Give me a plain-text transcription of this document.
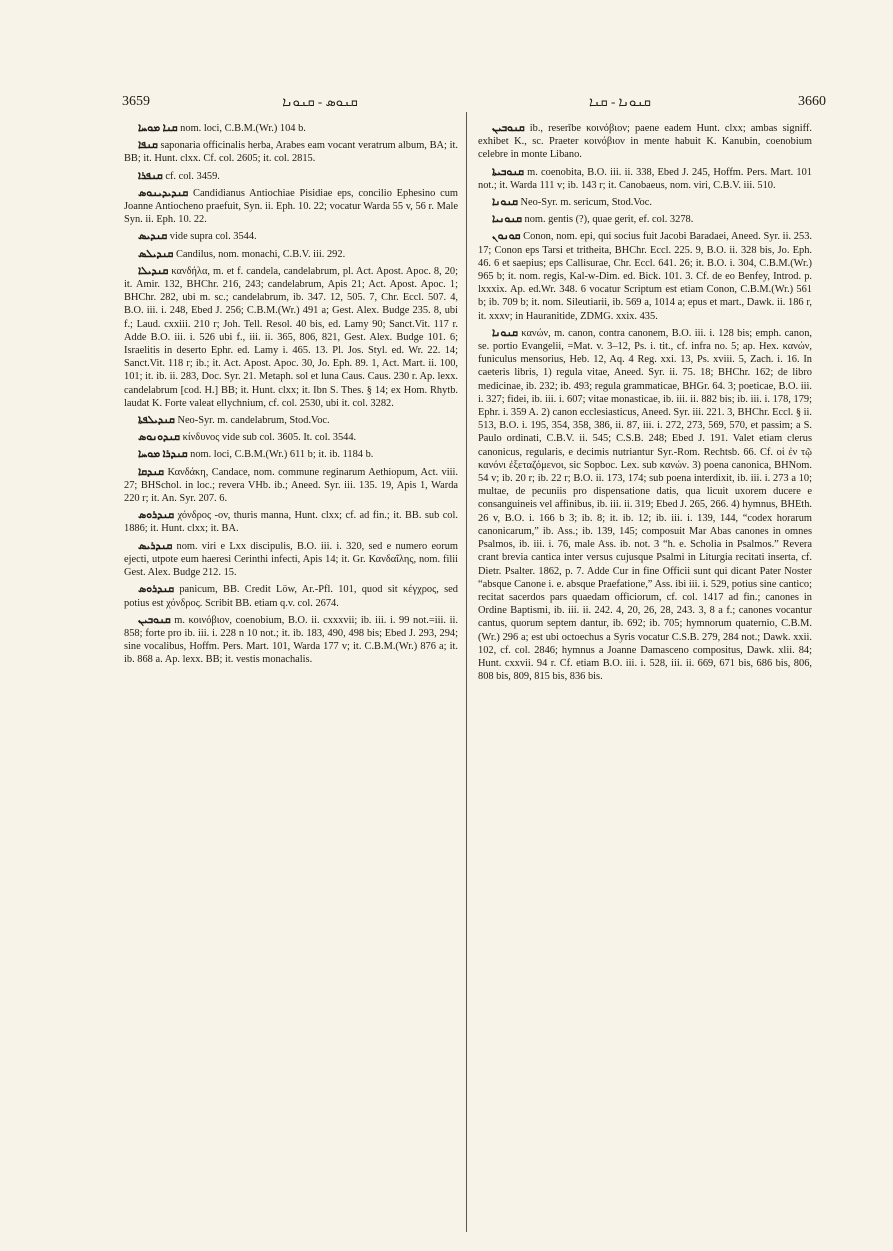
3659	ܩܢܘܣ - ܩܢܘܢܐ	ܩܢܘܢܐ - ܩܢܐ	3660

ܩܢܐ ܡܘܚܐ nom. loci, C.B.M.(Wr.) 104 b.

ܩܢܦܐ saponaria officinalis herba, Arabes eam vocant veratrum album, BA; it. BB; it. Hunt. clxx. Cf. col. 2605; it. col. 2815.

ܩܢܦܪܐ cf. col. 3459.

ܩܢܕܝܕܝܢܘܣ Candidianus Antiochiae Pisidiae eps, concilio Ephesino cum Joanne Antiocheno praefuit, Syn. ii. Eph. 10. 22; vocatur Warda 55 v, 56 r. Male Syn. ii. Eph. 10. 22.

ܩܢܕܝܣ vide supra col. 3544.

ܩܢܕܝܠܣ Candilus, nom. monachi, C.B.V. iii. 292.

ܩܢܕܝܠܐ κανδήλα, m. et f. candela, candelabrum, pl. Act. Apost. Apoc. 8, 20; it. Amir. 132, BHChr. 216, 243; candelabrum, Apis 21; Act. Apost. Apoc. 1; BHChr. 282, ubi m. sc.; candelabrum, ib. 347. 12, 505. 7, Chr. Eccl. 507. 4, B.O. iii. i. 248, Ebed J. 256; C.B.M.(Wr.) 491 a; Gest. Alex. Budge 235. 8, ubi f.; Laud. cxxiii. 210 r; Joh. Tell. Resol. 40 bis, ed. Lamy 90; Sanct.Vit. 117 r. Adde B.O. iii. i. 526 ubi f., iii. ii. 365, 806, 821, Gest. Alex. Budge 101. 6; Israelitis in deserto Ephr. ed. Lamy i. 465. 13. Pl. Jos. Styl. ed. Wr. 22. 14; Sanct.Vit. 118 r; ib.; it. Act. Apost. Apoc. 30, Jo. Eph. 89. 1, Act. Mart. ii. 100, 101; it. ib. ii. 283, Doc. Syr. 21. Metaph. sol et luna Caus. Caus. 230 r. Ap. lexx. candelabrum [cod. H.] BB; it. Hunt. clxx; it. Ibn S. Thes. § 14; ex Hom. Rhytb. laudat K. Forte valeat ellychnium, cf. col. 2530, ubi it. col. 3282.

ܩܢܕܝܠܦܬܐ Neo-Syr. m. candelabrum, Stod.Voc.

ܩܢܕܘܢܘܣ κίνδυνος vide sub col. 3605. It. col. 3544.

ܩܢܕܪܐ ܡܘܚܐ nom. loci, C.B.M.(Wr.) 611 b; it. ib. 1184 b.

ܩܢܕܩܐ Κανδάκη, Candace, nom. commune reginarum Aethiopum, Act. viii. 27; BHSchol. in loc.; revera VHb. ib.; Aneed. Syr. iii. 135. 19, Apis 1, Warda 220 r; it. An. Syr. 207. 6.

ܩܢܕܪܘܣ χόνδρος -ov, thuris manna, Hunt. clxx; cf. ad fin.; it. BB. sub col. 1886; it. Hunt. clxx; it. BA.

ܩܢܕܪܝܣ nom. viri e Lxx discipulis, B.O. iii. i. 320, sed e numero eorum ejecti, utpote eum haeresi Cerinthi infecti, Apis 14; it. Gr. Κανδαΐλης, nom. filii Gest. Alex. Budge 212. 15.

ܩܢܕܪܘܣ panicum, BB. Credit Löw, Ar.-Pfl. 101, quod sit κέγχρος, sed potius est χόνδρος. Scribit BB. etiam q.v. col. 2674.

ܩܢܘܒܝܢ m. κοινόβιον, coenobium, B.O. ii. cxxxvii; ib. iii. i. 99 not.=iii. ii. 858; forte pro ib. iii. i. 228 n 10 not.; it. ib. 183, 490, 498 bis; Ebed J. 293, 294; sine vocalibus, Hoffm. Pers. Mart. 101, Warda 177 v; it. C.B.M.(Wr.) 876 a; it. ib. 868 a. Ap. lexx. BB; it. vestis monachalis.

ܩܢܘܒܝܢ ib., reserībe κοινόβιον; paene eadem Hunt. clxx; ambas signiff. exhibet K., sc. Praeter κοινόβιον in mente habuit K. Kanubin, coenobium celebre in monte Libano.

ܩܢܘܒܝܬܐ m. coenobita, B.O. iii. ii. 338, Ebed J. 245, Hoffm. Pers. Mart. 101 not.; it. Warda 111 v; ib. 143 r; it. Canobaeus, nom. viri, C.B.V. iii. 510.

ܩܢܘܢܐ Neo-Syr. m. sericum, Stod.Voc.

ܩܢܘܢܝܐ nom. gentis (?), quae gerit, ef. col. 3278.

ܩܘܢܘܢ Conon, nom. epi, qui socius fuit Jacobi Baradaei, Aneed. Syr. ii. 253. 17; Conon eps Tarsi et tritheita, BHChr. Eccl. 225. 9, B.O. ii. 328 bis, Jo. Eph. 46. 6 et saepius; eps Callisurae, Chr. Eccl. 641. 26; it. B.O. i. 304, C.B.M.(Wr.) 965 b; it. nom. regis, Kal-w-Dim. ed. Bick. 101. 3. Cf. de eo Benfey, Introd. p. lxxxix. Ap. ed.Wr. 348. 6 vocatur Scriptum est etiam Conon, C.B.M.(Wr.) 561 b; ib. 709 b; it. nom. Sileutiarii, ib. 569 a, 1014 a; epus et mart., Dawk. ii. 186 r, it. xxxv; in Hauranitide, ZDMG. xxix. 435.

ܩܢܘܢܐ κανών, m. canon, contra canonem, B.O. iii. i. 128 bis; emph. canon, se. portio Evangelii, =Mat. v. 3–12, Ps. i. tit., cf. infra no. 5; ap. Hex. κανών, funiculus mensorius, Heb. 12, Aq. 4 Reg. xxi. 13, Ps. xviii. 5, Zach. i. 16. In caeteris libris, 1) regula vitae, Aneed. Syr. ii. 75. 18; BHChr. 162; de libro medicinae, ib. 232; ib. 493; regula grammaticae, BHGr. 64. 3; poeticae, B.O. iii. i. 327; fidei, ib. iii. i. 607; vitae monasticae, ib. iii. ii. 882 bis; ib. iii. i. 178, 179; Ephr. i. 359 A. 2) canon ecclesiasticus, Aneed. Syr. iii. 221. 3, BHChr. Eccl. § ii. 513, B.O. i. 195, 354, 358, 386, ii. 87, iii. i. 272, 273, 569, 570, et passim; a S. Paulo ordinati, C.B.V. ii. 545; C.S.B. 248; Ebed J. 191. Valet etiam clerus canonicus, regularis, e decimis nutriantur Syr.-Rom. Rechtsb. 66. Cf. οἱ ἐν τῷ κανόνι ἐξεταζόμενοι, sic Sopboc. Lex. sub κανών. 3) poena canonica, BHNom. 54 v; ib. 20 r; ib. 22 r; B.O. ii. 173, 174; sub poena interdixit, ib. iii. i. 273 a 10; multae, de pecuniis pro dispensatione datis, qua licuit uxorem ducere e consanguineis vel affinibus, ib. iii. ii. 319; Ebed J. 265, 266. 4) hymnus, BHEth. 26 v, B.O. i. 166 b 3; ib. 8; it. ib. 12; ib. iii. i. 139, 144, “codex horarum canonicarum,” ib. Ass.; ib. 139, 145; composuit Mar Abas canones in omnes Psalmos, ib. iii. i. 76, male Ass. ib. not. 3 “h. e. Scholia in Psalmos.” Revera crant brevia cantica inter versus cujusque Psalmi in Liturgia recitati inserta, cf. Dietr. Psalter. 1862, p. 7. Adde Cur in fine Officii sunt qui dicant Pater Noster “absque Canone i. e. absque Praefatione,” Ass. ibi iii. i. 529, potius sine cantico; recitat sacerdos pars quaedam officiorum, cf. col. 1417 ad fin.; canones in Ordine Baptismi, ib. iii. ii. 242. 4, 20, 26, 28, 243. 3, 8 a f.; canones vocantur cantus, quorum septem dantur, ib. 692; ib. 705; hymnorum quaternio, C.B.M.(Wr.) 296 a; est ubi octoechus a Syris vocatur C.S.B. 279, 284 not.; Dawk. xxii. 102, cf. col. 2846; hymnus a Joanne Damasceno compositus, Dawk. xlii. 84; Hunt. cxxvii. 94 r. Cf. etiam B.O. iii. i. 528, iii. ii. 669, 671 bis, 686 bis, 806, 808 bis, 809, 815 bis, 836 bis.
